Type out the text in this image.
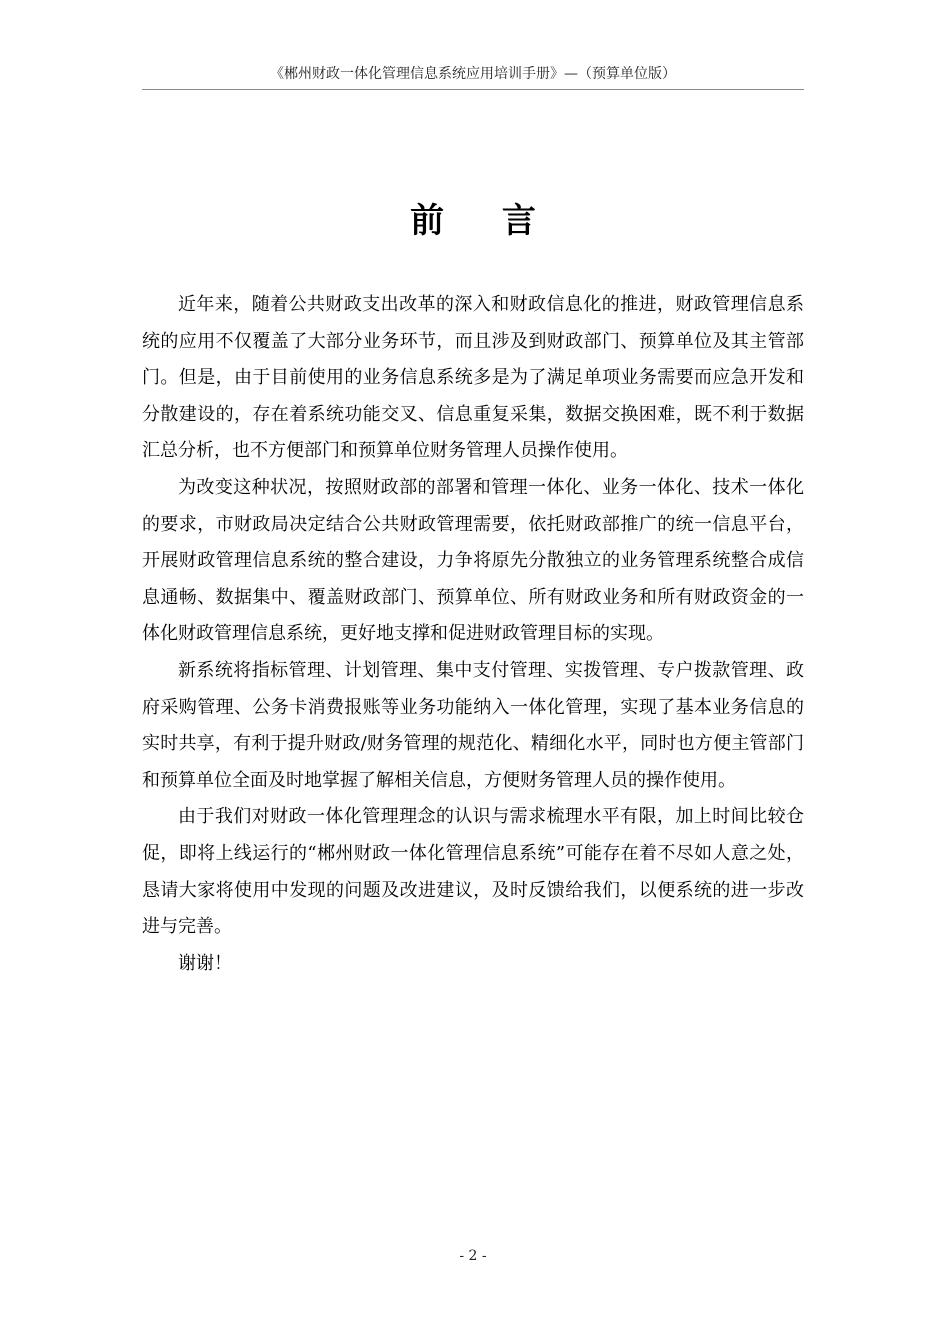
《郴州财政一体化管理信息系统应用培训手册》—（预算单位版）
前言

近年来，随着公共财政支出改革的深入和财政信息化的推进，财政管理信息系统的应用不仅覆盖了大部分业务环节，而且涉及到财政部门、预算单位及其主管部门。但是，由于目前使用的业务信息系统多是为了满足单项业务需要而应急开发和分散建设的，存在着系统功能交叉、信息重复采集，数据交换困难，既不利于数据汇总分析，也不方便部门和预算单位财务管理人员操作使用。

为改变这种状况，按照财政部的部署和管理一体化、业务一体化、技术一体化的要求，市财政局决定结合公共财政管理需要，依托财政部推广的统一信息平台，开展财政管理信息系统的整合建设，力争将原先分散独立的业务管理系统整合成信息通畅、数据集中、覆盖财政部门、预算单位、所有财政业务和所有财政资金的一体化财政管理信息系统，更好地支撑和促进财政管理目标的实现。

新系统将指标管理、计划管理、集中支付管理、实拨管理、专户拨款管理、政府采购管理、公务卡消费报账等业务功能纳入一体化管理，实现了基本业务信息的实时共享，有利于提升财政/财务管理的规范化、精细化水平，同时也方便主管部门和预算单位全面及时地掌握了解相关信息，方便财务管理人员的操作使用。

由于我们对财政一体化管理理念的认识与需求梳理水平有限，加上时间比较仓促，即将上线运行的“郴州财政一体化管理信息系统”可能存在着不尽如人意之处，恳请大家将使用中发现的问题及改进建议，及时反馈给我们，以便系统的进一步改进与完善。

谢谢！

- 2 -
